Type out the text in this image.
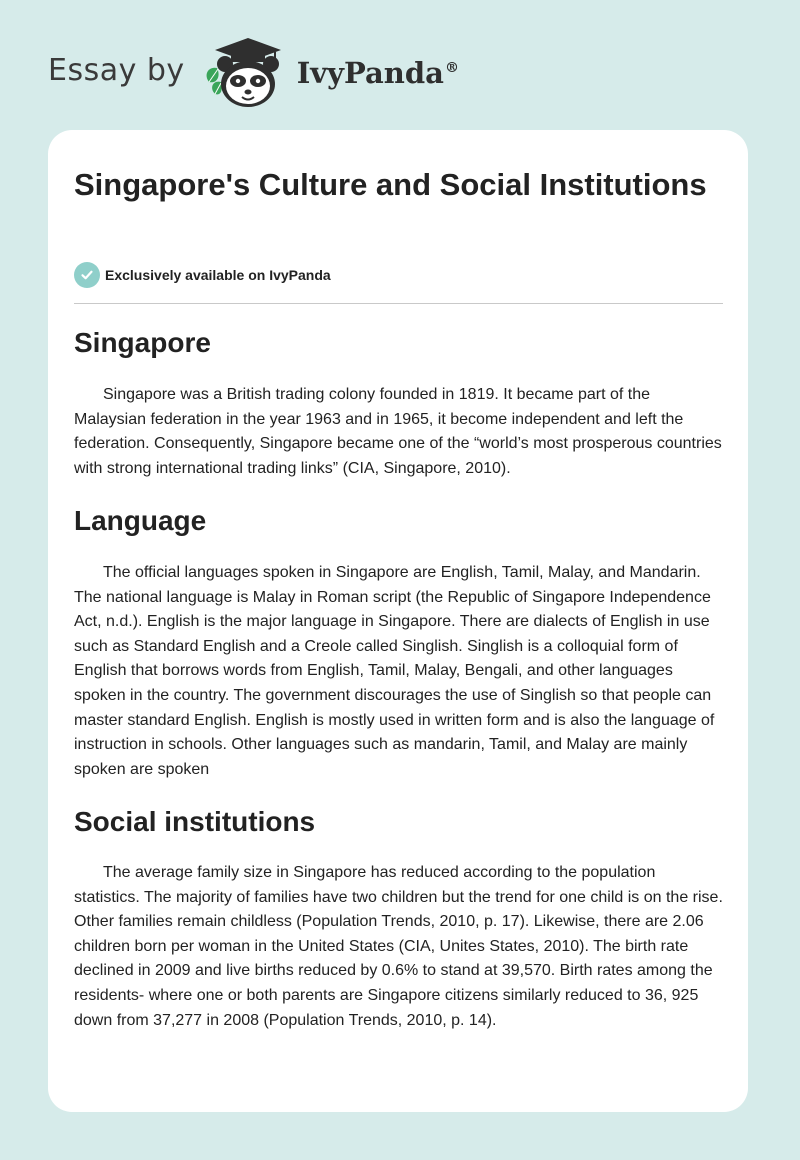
Essay by	IvyPanda®
Singapore's Culture and Social Institutions
Exclusively available on IvyPanda
Singapore

Singapore was a British trading colony founded in 1819. It became part of the Malaysian federation in the year 1963 and in 1965, it become independent and left the federation. Consequently, Singapore became one of the “world’s most prosperous countries with strong international trading links” (CIA, Singapore, 2010).

Language

The official languages spoken in Singapore are English, Tamil, Malay, and Mandarin. The national language is Malay in Roman script (the Republic of Singapore Independence Act, n.d.). English is the major language in Singapore. There are dialects of English in use such as Standard English and a Creole called Singlish. Singlish is a colloquial form of English that borrows words from English, Tamil, Malay, Bengali, and other languages spoken in the country. The government discourages the use of Singlish so that people can master standard English. English is mostly used in written form and is also the language of instruction in schools. Other languages such as mandarin, Tamil, and Malay are mainly spoken are spoken

Social institutions

The average family size in Singapore has reduced according to the population statistics. The majority of families have two children but the trend for one child is on the rise. Other families remain childless (Population Trends, 2010, p. 17). Likewise, there are 2.06 children born per woman in the United States (CIA, Unites States, 2010). The birth rate declined in 2009 and live births reduced by 0.6% to stand at 39,570. Birth rates among the residents- where one or both parents are Singapore citizens similarly reduced to 36, 925 down from 37,277 in 2008 (Population Trends, 2010, p. 14).
